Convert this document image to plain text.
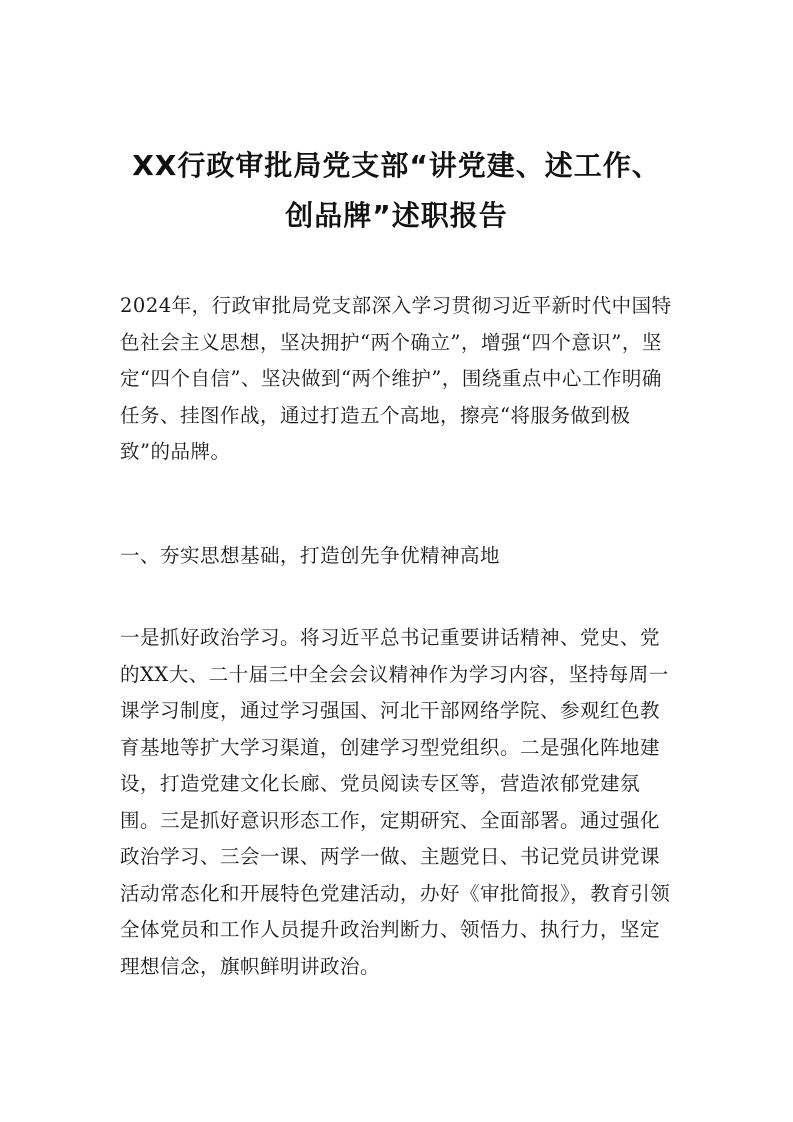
XX行政审批局党支部“讲党建、述工作、
创品牌”述职报告

2024年，行政审批局党支部深入学习贯彻习近平新时代中国特色社会主义思想，坚决拥护“两个确立”，增强“四个意识”，坚定“四个自信”、坚决做到“两个维护”，围绕重点中心工作明确任务、挂图作战，通过打造五个高地，擦亮“将服务做到极致”的品牌。

一、夯实思想基础，打造创先争优精神高地

一是抓好政治学习。将习近平总书记重要讲话精神、党史、党的XX大、二十届三中全会会议精神作为学习内容，坚持每周一课学习制度，通过学习强国、河北干部网络学院、参观红色教育基地等扩大学习渠道，创建学习型党组织。二是强化阵地建设，打造党建文化长廊、党员阅读专区等，营造浓郁党建氛围。三是抓好意识形态工作，定期研究、全面部署。通过强化政治学习、三会一课、两学一做、主题党日、书记党员讲党课活动常态化和开展特色党建活动，办好《审批简报》，教育引领全体党员和工作人员提升政治判断力、领悟力、执行力，坚定理想信念，旗帜鲜明讲政治。
